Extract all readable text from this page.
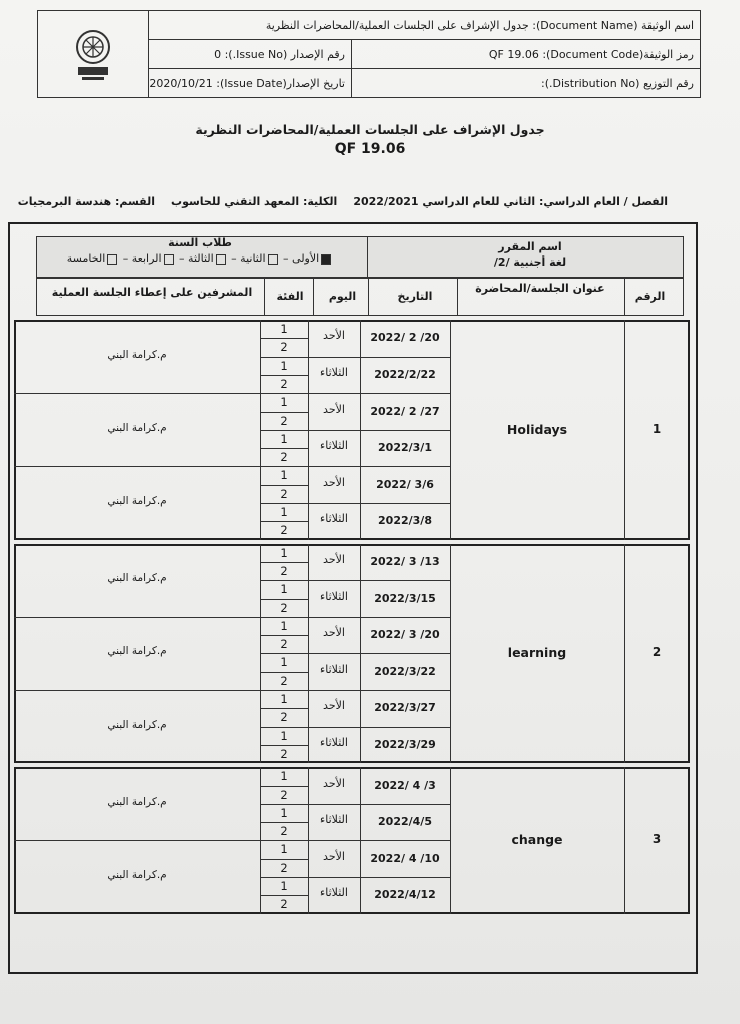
اسم الوثيقة (Document Name): جدول الإشراف على الجلسات العملية/المحاضرات النظرية
رقم الإصدار (Issue No.): 0	رمز الوثيقة(Document Code): QF 19.06
تاريخ الإصدار(Issue Date): 2020/10/21	رقم التوزيع (Distribution No.):
جدول الإشراف على الجلسات العملية/المحاضرات النظرية
QF 19.06
الفصل / العام الدراسي: الثاني للعام الدراسي 2022/2021
الكلية: المعهد التقني للحاسوب
القسم: هندسة البرمجيات
اسم المقرر
لغة أجنبية /2/
طلاب السنة
الأولى – الثانية – الثالثة – الرابعة – الخامسة
الرقم
عنوان الجلسة/المحاضرة
التاريخ
اليوم
الفئة
المشرفين على إعطاء الجلسة العملية
1
Holidays
2022/ 2 /20
الأحد
1
2
2022/2/22
الثلاثاء
1
2
2022/ 2 /27
الأحد
1
2
2022/3/1
الثلاثاء
1
2
2022/ 3/6
الأحد
1
2
2022/3/8
الثلاثاء
1
2
م.كرامة البني
م.كرامة البني
م.كرامة البني
2
learning
2022/ 3 /13
الأحد
1
2
2022/3/15
الثلاثاء
1
2
2022/ 3 /20
الأحد
1
2
2022/3/22
الثلاثاء
1
2
2022/3/27
الأحد
1
2
2022/3/29
الثلاثاء
1
2
م.كرامة البني
م.كرامة البني
م.كرامة البني
3
change
2022/ 4 /3
الأحد
1
2
2022/4/5
الثلاثاء
1
2
2022/ 4 /10
الأحد
1
2
2022/4/12
الثلاثاء
1
2
م.كرامة البني
م.كرامة البني
